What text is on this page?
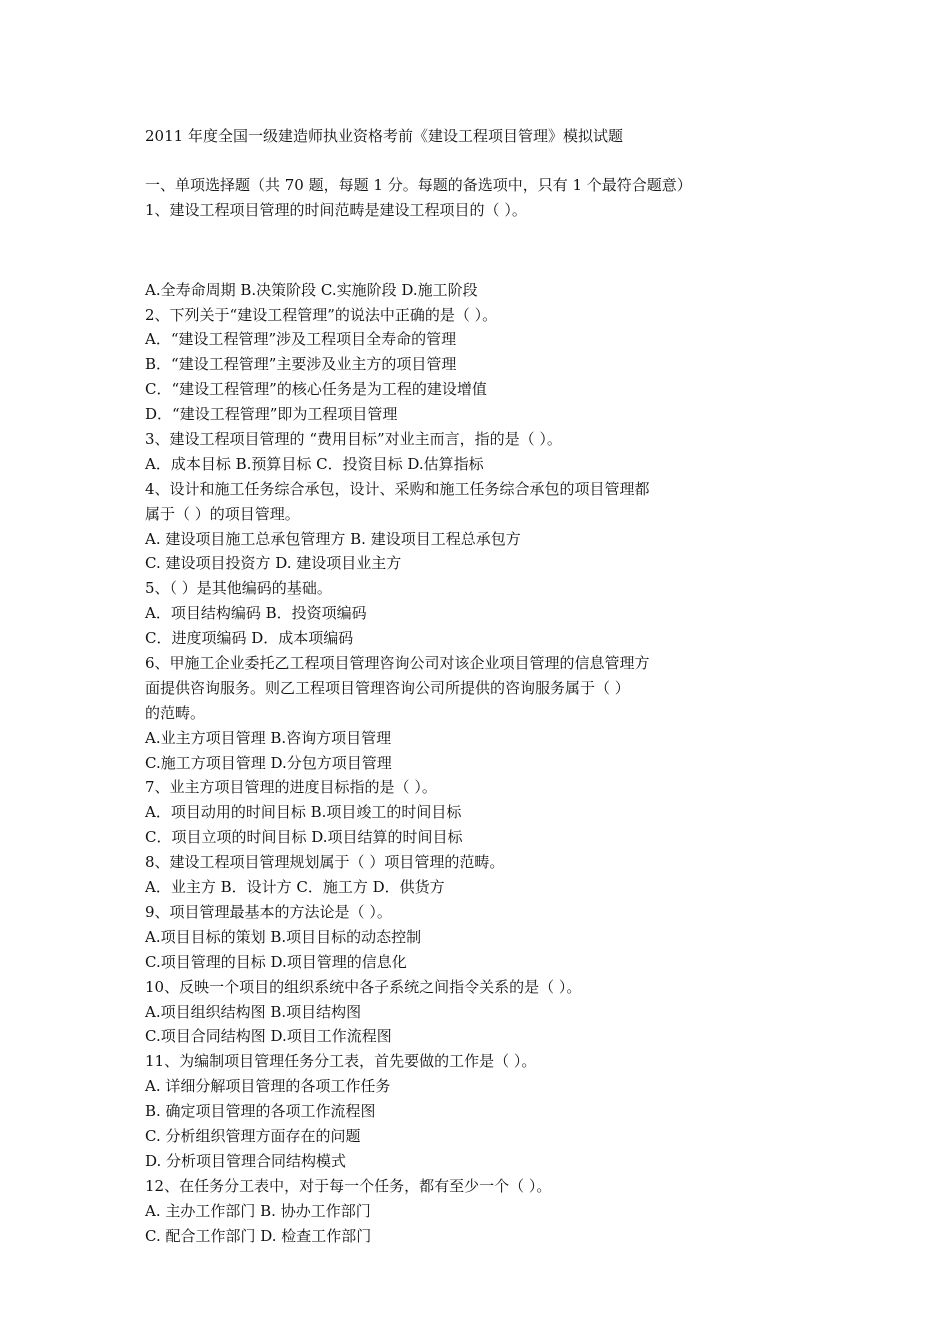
2011 年度全国一级建造师执业资格考前《建设工程项目管理》模拟试题

一、单项选择题（共 70 题，每题 1 分。每题的备选项中，只有 1 个最符合题意）

1、建设工程项目管理的时间范畴是建设工程项目的（ ）。

A.全寿命周期 B.决策阶段 C.实施阶段 D.施工阶段

2、下列关于“建设工程管理”的说法中正确的是（ ）。

A．“建设工程管理”涉及工程项目全寿命的管理

B．“建设工程管理”主要涉及业主方的项目管理

C．“建设工程管理”的核心任务是为工程的建设增值

D．“建设工程管理”即为工程项目管理

3、建设工程项目管理的 “费用目标”对业主而言，指的是（ ）。

A．成本目标 B.预算目标 C．投资目标 D.估算指标

4、设计和施工任务综合承包，设计、采购和施工任务综合承包的项目管理都

属于（ ）的项目管理。

A. 建设项目施工总承包管理方 B. 建设项目工程总承包方

C. 建设项目投资方 D. 建设项目业主方

5、（ ）是其他编码的基础。

A．项目结构编码 B．投资项编码

C．进度项编码 D．成本项编码

6、甲施工企业委托乙工程项目管理咨询公司对该企业项目管理的信息管理方

面提供咨询服务。则乙工程项目管理咨询公司所提供的咨询服务属于（ ）

的范畴。

A.业主方项目管理 B.咨询方项目管理

C.施工方项目管理 D.分包方项目管理

7、业主方项目管理的进度目标指的是（ ）。

A．项目动用的时间目标 B.项目竣工的时间目标

C．项目立项的时间目标 D.项目结算的时间目标

8、建设工程项目管理规划属于（ ）项目管理的范畴。

A．业主方 B．设计方 C．施工方 D．供货方

9、项目管理最基本的方法论是（ ）。

A.项目目标的策划 B.项目目标的动态控制

C.项目管理的目标 D.项目管理的信息化

10、反映一个项目的组织系统中各子系统之间指令关系的是（ ）。

A.项目组织结构图 B.项目结构图

C.项目合同结构图 D.项目工作流程图

11、为编制项目管理任务分工表，首先要做的工作是（ ）。

A. 详细分解项目管理的各项工作任务

B. 确定项目管理的各项工作流程图

C. 分析组织管理方面存在的问题

D. 分析项目管理合同结构模式

12、在任务分工表中，对于每一个任务，都有至少一个（ ）。

A. 主办工作部门 B. 协办工作部门

C. 配合工作部门 D. 检查工作部门
